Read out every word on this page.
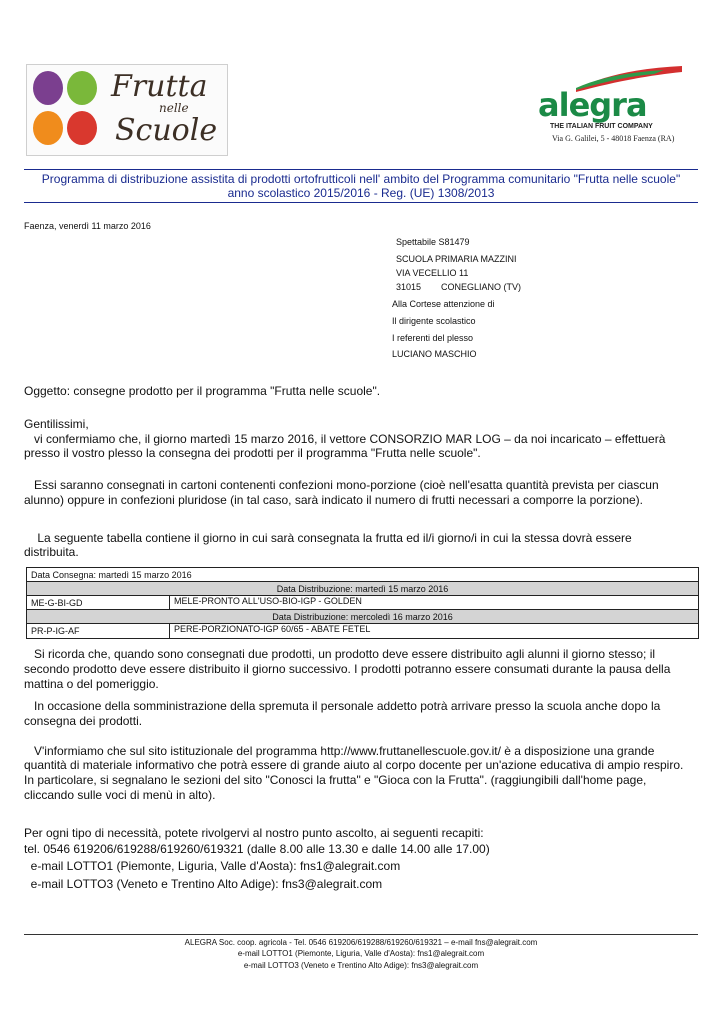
Frutta
nelle
Scuole
alegra
THE ITALIAN FRUIT COMPANY
Via G. Galilei, 5 - 48018 Faenza (RA)
Programma di distribuzione assistita di prodotti ortofrutticoli nell' ambito del Programma comunitario "Frutta nelle scuole"
anno scolastico 2015/2016 - Reg. (UE) 1308/2013
Faenza, venerdì 11 marzo 2016
Spettabile S81479
SCUOLA PRIMARIA MAZZINI
VIA VECELLIO 11
31015 CONEGLIANO (TV)
Alla Cortese attenzione di
Il dirigente scolastico
I referenti del plesso
LUCIANO MASCHIO
Oggetto: consegne prodotto per il programma "Frutta nelle scuole".
Gentilissimi,
vi confermiamo che, il giorno martedì 15 marzo 2016, il vettore CONSORZIO MAR LOG – da noi incaricato – effettuerà
presso il vostro plesso la consegna dei prodotti per il programma "Frutta nelle scuole".
Essi saranno consegnati in cartoni contenenti confezioni mono-porzione (cioè nell'esatta quantità prevista per ciascun
alunno) oppure in confezioni pluridose (in tal caso, sarà indicato il numero di frutti necessari a comporre la porzione).
La seguente tabella contiene il giorno in cui sarà consegnata la frutta ed il/i giorno/i in cui la stessa dovrà essere
distribuita.
Data Consegna: martedì 15 marzo 2016
Data Distribuzione: martedì 15 marzo 2016
ME-G-BI-GD	MELE-PRONTO ALL'USO-BIO-IGP - GOLDEN
Data Distribuzione: mercoledì 16 marzo 2016
PR-P-IG-AF	PERE-PORZIONATO-IGP 60/65 - ABATE FETEL
Si ricorda che, quando sono consegnati due prodotti, un prodotto deve essere distribuito agli alunni il giorno stesso; il
secondo prodotto deve essere distribuito il giorno successivo. I prodotti potranno essere consumati durante la pausa della
mattina o del pomeriggio.
In occasione della somministrazione della spremuta il personale addetto potrà arrivare presso la scuola anche dopo la
consegna dei prodotti.
V'informiamo che sul sito istituzionale del programma http://www.fruttanellescuole.gov.it/ è a disposizione una grande
quantità di materiale informativo che potrà essere di grande aiuto al corpo docente per un'azione educativa di ampio respiro.
In particolare, si segnalano le sezioni del sito "Conosci la frutta" e "Gioca con la Frutta". (raggiungibili dall'home page,
cliccando sulle voci di menù in alto).
Per ogni tipo di necessità, potete rivolgervi al nostro punto ascolto, ai seguenti recapiti:
tel. 0546 619206/619288/619260/619321 (dalle 8.00 alle 13.30 e dalle 14.00 alle 17.00)
e-mail LOTTO1 (Piemonte, Liguria, Valle d'Aosta): fns1@alegrait.com
e-mail LOTTO3 (Veneto e Trentino Alto Adige): fns3@alegrait.com
ALEGRA Soc. coop. agricola - Tel. 0546 619206/619288/619260/619321 – e-mail fns@alegrait.com
e-mail LOTTO1 (Piemonte, Liguria, Valle d'Aosta): fns1@alegrait.com
e-mail LOTTO3 (Veneto e Trentino Alto Adige): fns3@alegrait.com
